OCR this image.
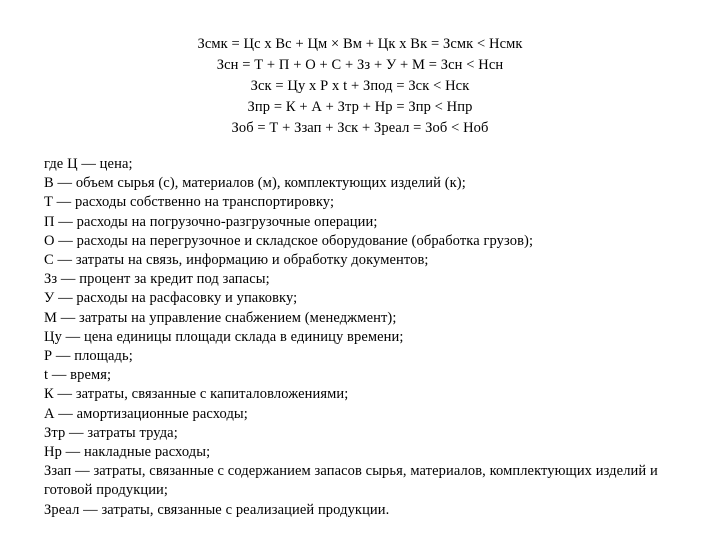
Зсмк = Цс х Вс + Цм × Вм + Цк х Вк = Зсмк < Нсмк
Зсн = Т + П + О + С + Зз + У + М = Зсн < Нсн
Зск = Цу х Р х t + Зпод = Зск < Нск
Зпр = К + А + Зтр + Нр = Зпр < Нпр
Зоб = Т + Ззап + Зск + Зреал = Зоб < Ноб
где Ц — цена;
В — объем сырья (с), материалов (м), комплектующих изделий (к);
Т — расходы собственно на транспортировку;
П — расходы на погрузочно-разгрузочные операции;
О — расходы на перегрузочное и складское оборудование (обработка грузов);
С — затраты на связь, информацию и обработку документов;
Зз — процент за кредит под запасы;
У — расходы на расфасовку и упаковку;
М — затраты на управление снабжением (менеджмент);
Цу — цена единицы площади склада в единицу времени;
Р — площадь;
t — время;
К — затраты, связанные с капиталовложениями;
А — амортизационные расходы;
Зтр — затраты труда;
Нр — накладные расходы;
Ззап — затраты, связанные с содержанием запасов сырья, материалов, комплектующих изделий и готовой продукции;
Зреал — затраты, связанные с реализацией продукции.
